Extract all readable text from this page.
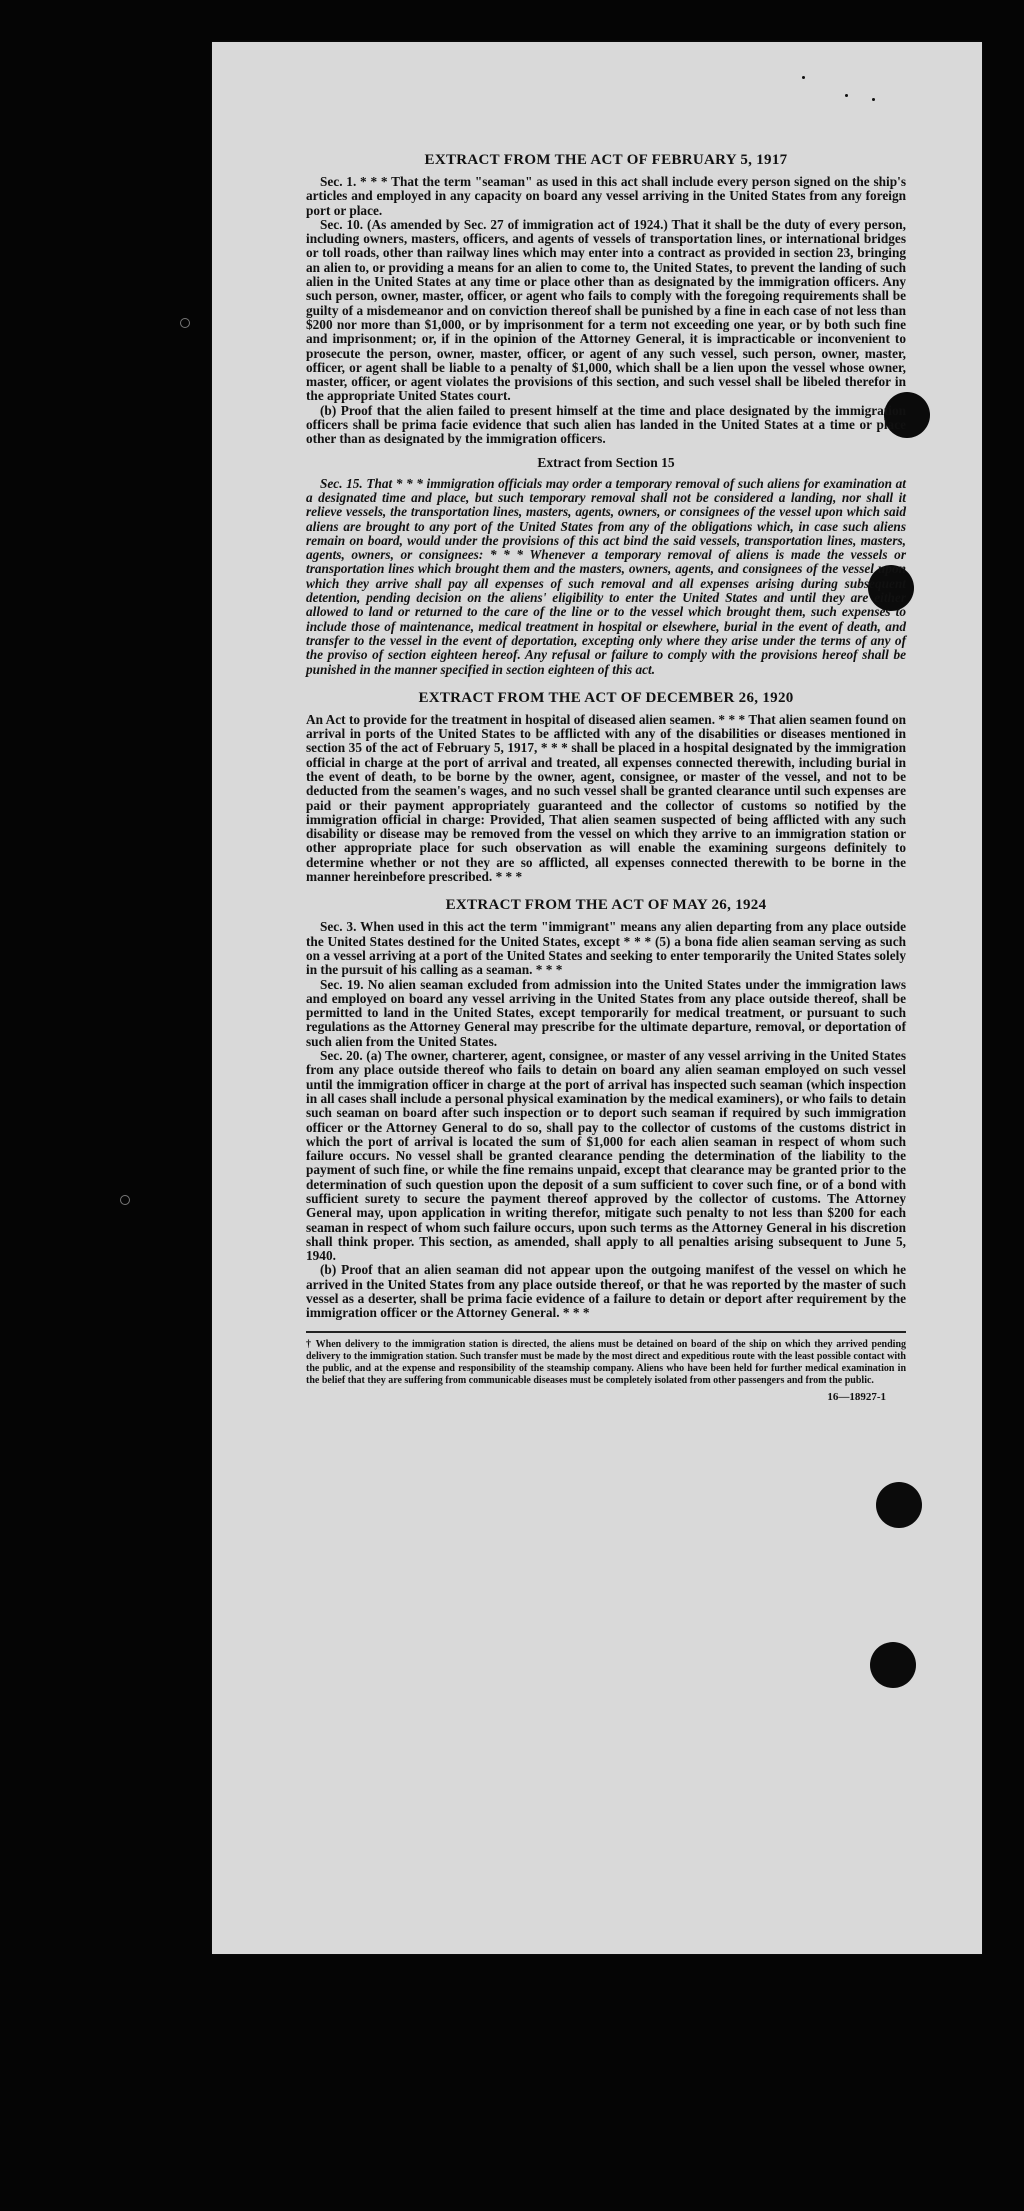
EXTRACT FROM THE ACT OF FEBRUARY 5, 1917

Sec. 1. * * * That the term "seaman" as used in this act shall include every person signed on the ship's articles and employed in any capacity on board any vessel arriving in the United States from any foreign port or place.

Sec. 10. (As amended by Sec. 27 of immigration act of 1924.) That it shall be the duty of every person, including owners, masters, officers, and agents of vessels of transportation lines, or international bridges or toll roads, other than railway lines which may enter into a contract as provided in section 23, bringing an alien to, or providing a means for an alien to come to, the United States, to prevent the landing of such alien in the United States at any time or place other than as designated by the immigration officers. Any such person, owner, master, officer, or agent who fails to comply with the foregoing requirements shall be guilty of a misdemeanor and on conviction thereof shall be punished by a fine in each case of not less than $200 nor more than $1,000, or by imprisonment for a term not exceeding one year, or by both such fine and imprisonment; or, if in the opinion of the Attorney General, it is impracticable or inconvenient to prosecute the person, owner, master, officer, or agent of any such vessel, such person, owner, master, officer, or agent shall be liable to a penalty of $1,000, which shall be a lien upon the vessel whose owner, master, officer, or agent violates the provisions of this section, and such vessel shall be libeled therefor in the appropriate United States court.

(b) Proof that the alien failed to present himself at the time and place designated by the immigration officers shall be prima facie evidence that such alien has landed in the United States at a time or place other than as designated by the immigration officers.

Extract from Section 15

Sec. 15. That * * * immigration officials may order a temporary removal of such aliens for examination at a designated time and place, but such temporary removal shall not be considered a landing, nor shall it relieve vessels, the transportation lines, masters, agents, owners, or consignees of the vessel upon which said aliens are brought to any port of the United States from any of the obligations which, in case such aliens remain on board, would under the provisions of this act bind the said vessels, transportation lines, masters, agents, owners, or consignees: * * * Whenever a temporary removal of aliens is made the vessels or transportation lines which brought them and the masters, owners, agents, and consignees of the vessel upon which they arrive shall pay all expenses of such removal and all expenses arising during subsequent detention, pending decision on the aliens' eligibility to enter the United States and until they are either allowed to land or returned to the care of the line or to the vessel which brought them, such expenses to include those of maintenance, medical treatment in hospital or elsewhere, burial in the event of death, and transfer to the vessel in the event of deportation, excepting only where they arise under the terms of any of the proviso of section eighteen hereof. Any refusal or failure to comply with the provisions hereof shall be punished in the manner specified in section eighteen of this act.

EXTRACT FROM THE ACT OF DECEMBER 26, 1920

An Act to provide for the treatment in hospital of diseased alien seamen. * * * That alien seamen found on arrival in ports of the United States to be afflicted with any of the disabilities or diseases mentioned in section 35 of the act of February 5, 1917, * * * shall be placed in a hospital designated by the immigration official in charge at the port of arrival and treated, all expenses connected therewith, including burial in the event of death, to be borne by the owner, agent, consignee, or master of the vessel, and not to be deducted from the seamen's wages, and no such vessel shall be granted clearance until such expenses are paid or their payment appropriately guaranteed and the collector of customs so notified by the immigration official in charge: Provided, That alien seamen suspected of being afflicted with any such disability or disease may be removed from the vessel on which they arrive to an immigration station or other appropriate place for such observation as will enable the examining surgeons definitely to determine whether or not they are so afflicted, all expenses connected therewith to be borne in the manner hereinbefore prescribed. * * *

EXTRACT FROM THE ACT OF MAY 26, 1924

Sec. 3. When used in this act the term "immigrant" means any alien departing from any place outside the United States destined for the United States, except * * * (5) a bona fide alien seaman serving as such on a vessel arriving at a port of the United States and seeking to enter temporarily the United States solely in the pursuit of his calling as a seaman. * * *

Sec. 19. No alien seaman excluded from admission into the United States under the immigration laws and employed on board any vessel arriving in the United States from any place outside thereof, shall be permitted to land in the United States, except temporarily for medical treatment, or pursuant to such regulations as the Attorney General may prescribe for the ultimate departure, removal, or deportation of such alien from the United States.

Sec. 20. (a) The owner, charterer, agent, consignee, or master of any vessel arriving in the United States from any place outside thereof who fails to detain on board any alien seaman employed on such vessel until the immigration officer in charge at the port of arrival has inspected such seaman (which inspection in all cases shall include a personal physical examination by the medical examiners), or who fails to detain such seaman on board after such inspection or to deport such seaman if required by such immigration officer or the Attorney General to do so, shall pay to the collector of customs of the customs district in which the port of arrival is located the sum of $1,000 for each alien seaman in respect of whom such failure occurs. No vessel shall be granted clearance pending the determination of the liability to the payment of such fine, or while the fine remains unpaid, except that clearance may be granted prior to the determination of such question upon the deposit of a sum sufficient to cover such fine, or of a bond with sufficient surety to secure the payment thereof approved by the collector of customs. The Attorney General may, upon application in writing therefor, mitigate such penalty to not less than $200 for each seaman in respect of whom such failure occurs, upon such terms as the Attorney General in his discretion shall think proper. This section, as amended, shall apply to all penalties arising subsequent to June 5, 1940.

(b) Proof that an alien seaman did not appear upon the outgoing manifest of the vessel on which he arrived in the United States from any place outside thereof, or that he was reported by the master of such vessel as a deserter, shall be prima facie evidence of a failure to detain or deport after requirement by the immigration officer or the Attorney General. * * *

† When delivery to the immigration station is directed, the aliens must be detained on board of the ship on which they arrived pending delivery to the immigration station. Such transfer must be made by the most direct and expeditious route with the least possible contact with the public, and at the expense and responsibility of the steamship company. Aliens who have been held for further medical examination in the belief that they are suffering from communicable diseases must be completely isolated from other passengers and from the public.

16—18927-1
